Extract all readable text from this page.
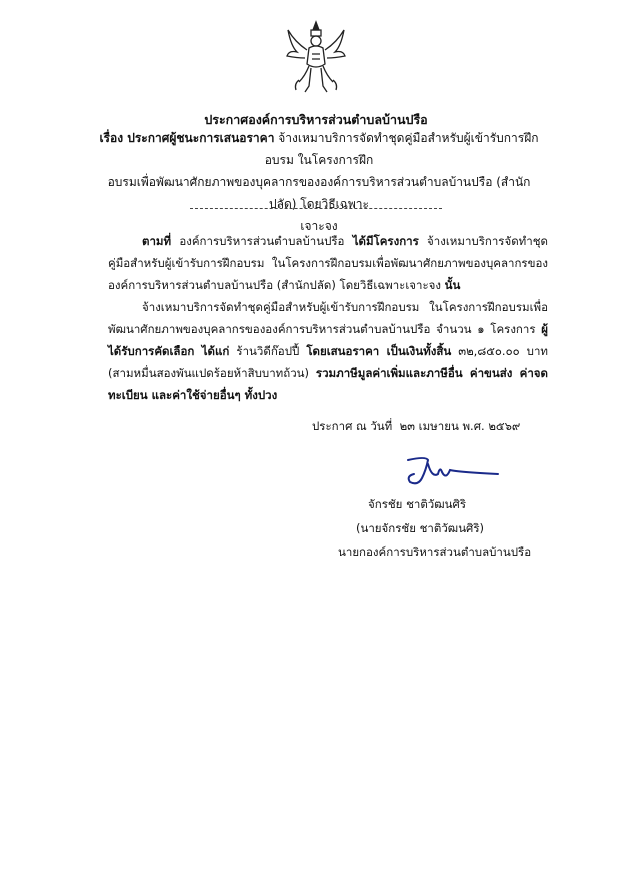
ประกาศองค์การบริหารส่วนตำบลบ้านปรือ
เรื่อง ประกาศผู้ชนะการเสนอราคา จ้างเหมาบริการจัดทำชุดคู่มือสำหรับผู้เข้ารับการฝึกอบรม ในโครงการฝึก
อบรมเพื่อพัฒนาศักยภาพของบุคลากรขององค์การบริหารส่วนตำบลบ้านปรือ (สำนักปลัด) โดยวิธีเฉพาะ
เจาะจง
ตามที่ องค์การบริหารส่วนตำบลบ้านปรือ ได้มีโครงการ จ้างเหมาบริการจัดทำชุดคู่มือสำหรับผู้เข้ารับการฝึกอบรม ในโครงการฝึกอบรมเพื่อพัฒนาศักยภาพของบุคลากรขององค์การบริหารส่วนตำบลบ้านปรือ (สำนักปลัด) โดยวิธีเฉพาะเจาะจง นั้น
จ้างเหมาบริการจัดทำชุดคู่มือสำหรับผู้เข้ารับการฝึกอบรม ในโครงการฝึกอบรมเพื่อพัฒนาศักยภาพของบุคลากรขององค์การบริหารส่วนตำบลบ้านปรือ จำนวน ๑ โครงการ ผู้ได้รับการคัดเลือก ได้แก่ ร้านวิดีก๊อปปี้ โดยเสนอราคา เป็นเงินทั้งสิ้น ๓๒,๘๕๐.๐๐ บาท (สามหมื่นสองพันแปดร้อยห้าสิบบาทถ้วน) รวมภาษีมูลค่าเพิ่มและภาษีอื่น ค่าขนส่ง ค่าจดทะเบียน และค่าใช้จ่ายอื่นๆ ทั้งปวง
ประกาศ ณ วันที่ ๒๓ เมษายน พ.ศ. ๒๕๖๙
จักรชัย ชาติวัฒนศิริ
(นายจักรชัย ชาติวัฒนศิริ)
นายกองค์การบริหารส่วนตำบลบ้านปรือ
